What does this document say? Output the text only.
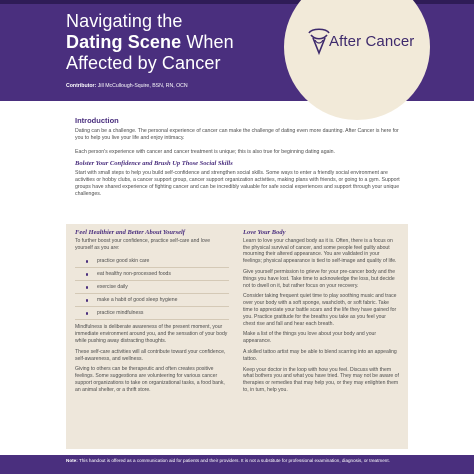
Navigating the
Dating Scene When
Affected by Cancer
Contributor: Jill McCullough-Squire, BSN, RN, OCN
After Cancer
Introduction
Dating can be a challenge. The personal experience of cancer can make the challenge of dating even more daunting. After Cancer is here for you to help you live your life and enjoy intimacy.
Each person's experience with cancer and cancer treatment is unique; this is also true for beginning dating again.
Bolster Your Confidence and Brush Up Those Social Skills
Start with small steps to help you build self-confidence and strengthen social skills. Some ways to enter a friendly social environment are activities or hobby clubs, a cancer support group, cancer support organization activities, making plans with friends, or going to a gym. Support groups have shared experience of fighting cancer and can be incredibly valuable for safe social experiences and support through your unique challenges.
Feel Healthier and Better About Yourself

To further boost your confidence, practice self-care and love yourself as you are:

practice good skin care
eat healthy non-processed foods
exercise daily
make a habit of good sleep hygiene
practice mindfulness

Mindfulness is deliberate awareness of the present moment, your immediate environment around you, and the sensation of your body while pushing away distracting thoughts.

These self-care activities will all contribute toward your confidence, self-awareness, and wellness.

Giving to others can be therapeutic and often creates positive feelings. Some suggestions are volunteering for various cancer support organizations to take on organizational tasks, a food bank, an animal shelter, or a thrift store.

Love Your Body

Learn to love your changed body as it is. Often, there is a focus on the physical survival of cancer, and some people feel guilty about mourning their altered appearance. You are validated in your feelings; physical appearance is tied to self-image and quality of life.

Give yourself permission to grieve for your pre-cancer body and the things you have lost. Take time to acknowledge the loss, but decide not to dwell on it, but rather focus on your recovery.

Consider taking frequent quiet time to play soothing music and trace over your body with a soft sponge, washcloth, or soft fabric. Take time to appreciate your battle scars and the life they have gained for you. Practice gratitude for the breaths you take as you feel your chest rise and fall and hear each breath.

Make a list of the things you love about your body and your appearance.

A skilled tattoo artist may be able to blend scarring into an appealing tattoo.

Keep your doctor in the loop with how you feel. Discuss with them what bothers you and what you have tried. They may not be aware of therapies or remedies that may help you, or they may enlighten them to, in turn, help you.

Note: This handout is offered as a communication aid for patients and their providers. It is not a substitute for professional examination, diagnosis, or treatment.
